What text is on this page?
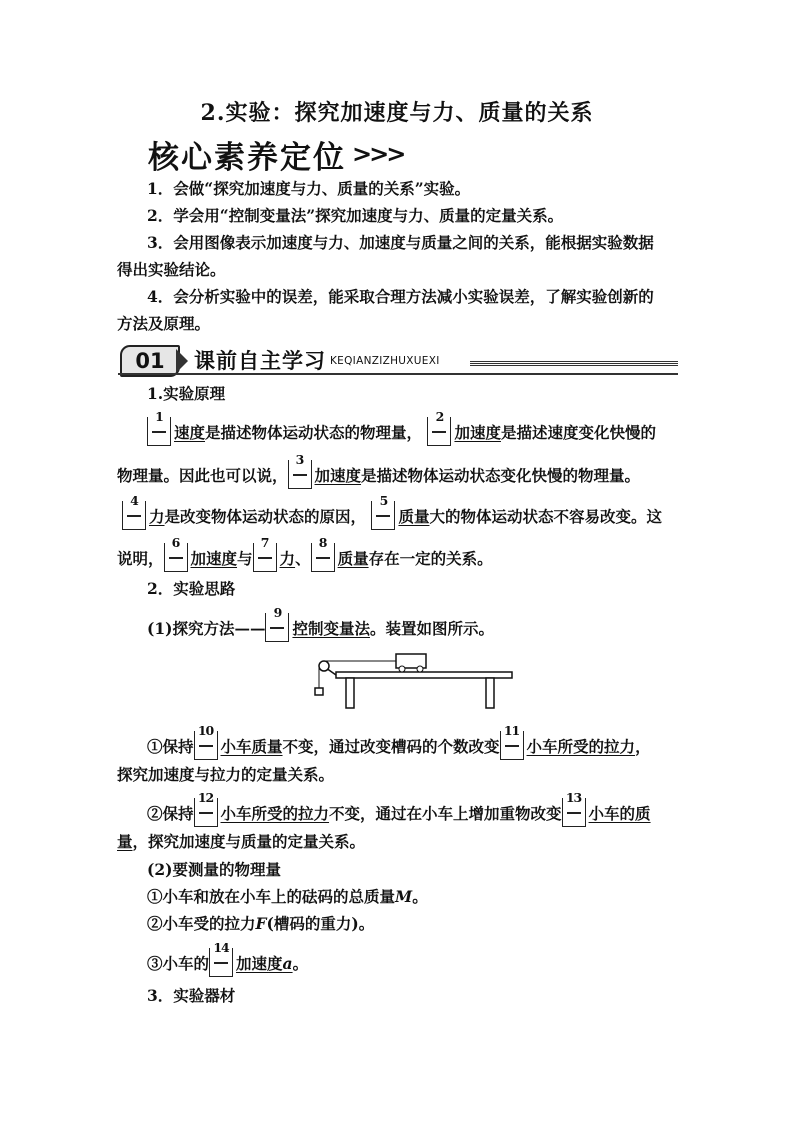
2.实验：探究加速度与力、质量的关系
核心素养定位 >>>
1．会做“探究加速度与力、质量的关系”实验。
2．学会用“控制变量法”探究加速度与力、质量的定量关系。
3．会用图像表示加速度与力、加速度与质量之间的关系，能根据实验数据
得出实验结论。
4．会分析实验中的误差，能采取合理方法减小实验误差，了解实验创新的
方法及原理。
01	课前自主学习 KEQIANZIZHUXUEXI
1.实验原理
1
速度是描述物体运动状态的物理量，
2
加速度是描述速度变化快慢的
物理量。因此也可以说，
3
加速度是描述物体运动状态变化快慢的物理量。
4
力是改变物体运动状态的原因，
5
质量大的物体运动状态不容易改变。这
说明，
6
加速度与
7
力、
8
质量存在一定的关系。
2．实验思路
(1)探究方法——
9
控制变量法。装置如图所示。
①保持
10
小车质量不变，通过改变槽码的个数改变
11
小车所受的拉力，
探究加速度与拉力的定量关系。
②保持
12
小车所受的拉力不变，通过在小车上增加重物改变
13
小车的质
量，探究加速度与质量的定量关系。
(2)要测量的物理量
①小车和放在小车上的砝码的总质量M。
②小车受的拉力F(槽码的重力)。
③小车的
14
加速度a。
3．实验器材
